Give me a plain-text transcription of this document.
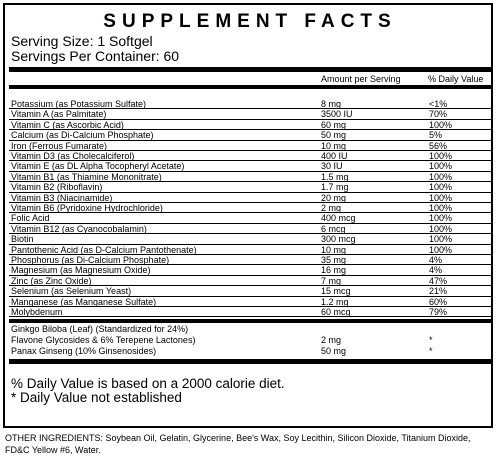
SUPPLEMENT FACTS
Serving Size: 1 Softgel
Servings Per Container: 60
Amount per Serving	% Daily Value
Potassium (as Potassium Sulfate)	8 mg	<1%
Vitamin A (as Palmitate)	3500 IU	70%
Vitamin C (as Ascorbic Acid)	60 mg	100%
Calcium (as Di-Calcium Phosphate)	50 mg	5%
Iron (Ferrous Fumarate)	10 mg	56%
Vitamin D3 (as Cholecalciferol)	400 IU	100%
Vitamin E (as DL Alpha Tocopheryl Acetate)	30 IU	100%
Vitamin B1 (as Thiamine Mononitrate)	1.5 mg	100%
Vitamin B2 (Riboflavin)	1.7 mg	100%
Vitamin B3 (Niacinamide)	20 mg	100%
Vitamin B6 (Pyridoxine Hydrochloride)	2 mg	100%
Folic Acid	400 mcg	100%
Vitamin B12 (as Cyanocobalamin)	6 mcg	100%
Biotin	300 mcg	100%
Pantothenic Acid (as D-Calcium Pantothenate)	10 mg	100%
Phosphorus (as Di-Calcium Phosphate)	35 mg	4%
Magnesium (as Magnesium Oxide)	16 mg	4%
Zinc (as Zinc Oxide)	7 mg	47%
Selenium (as Selenium Yeast)	15 mcg	21%
Manganese (as Manganese Sulfate)	1.2 mg	60%
Molybdenum	60 mcg	79%
Ginkgo Biloba (Leaf) (Standardized for 24%)
Flavone Glycosides & 6% Terepene Lactones)	2 mg	*
Panax Ginseng (10% Ginsenosides)	50 mg	*
% Daily Value is based on a 2000 calorie diet.
* Daily Value not established
OTHER INGREDIENTS: Soybean Oil, Gelatin, Glycerine, Bee's Wax, Soy Lecithin, Silicon Dioxide, Titanium Dioxide, FD&C Yellow #6, Water.
